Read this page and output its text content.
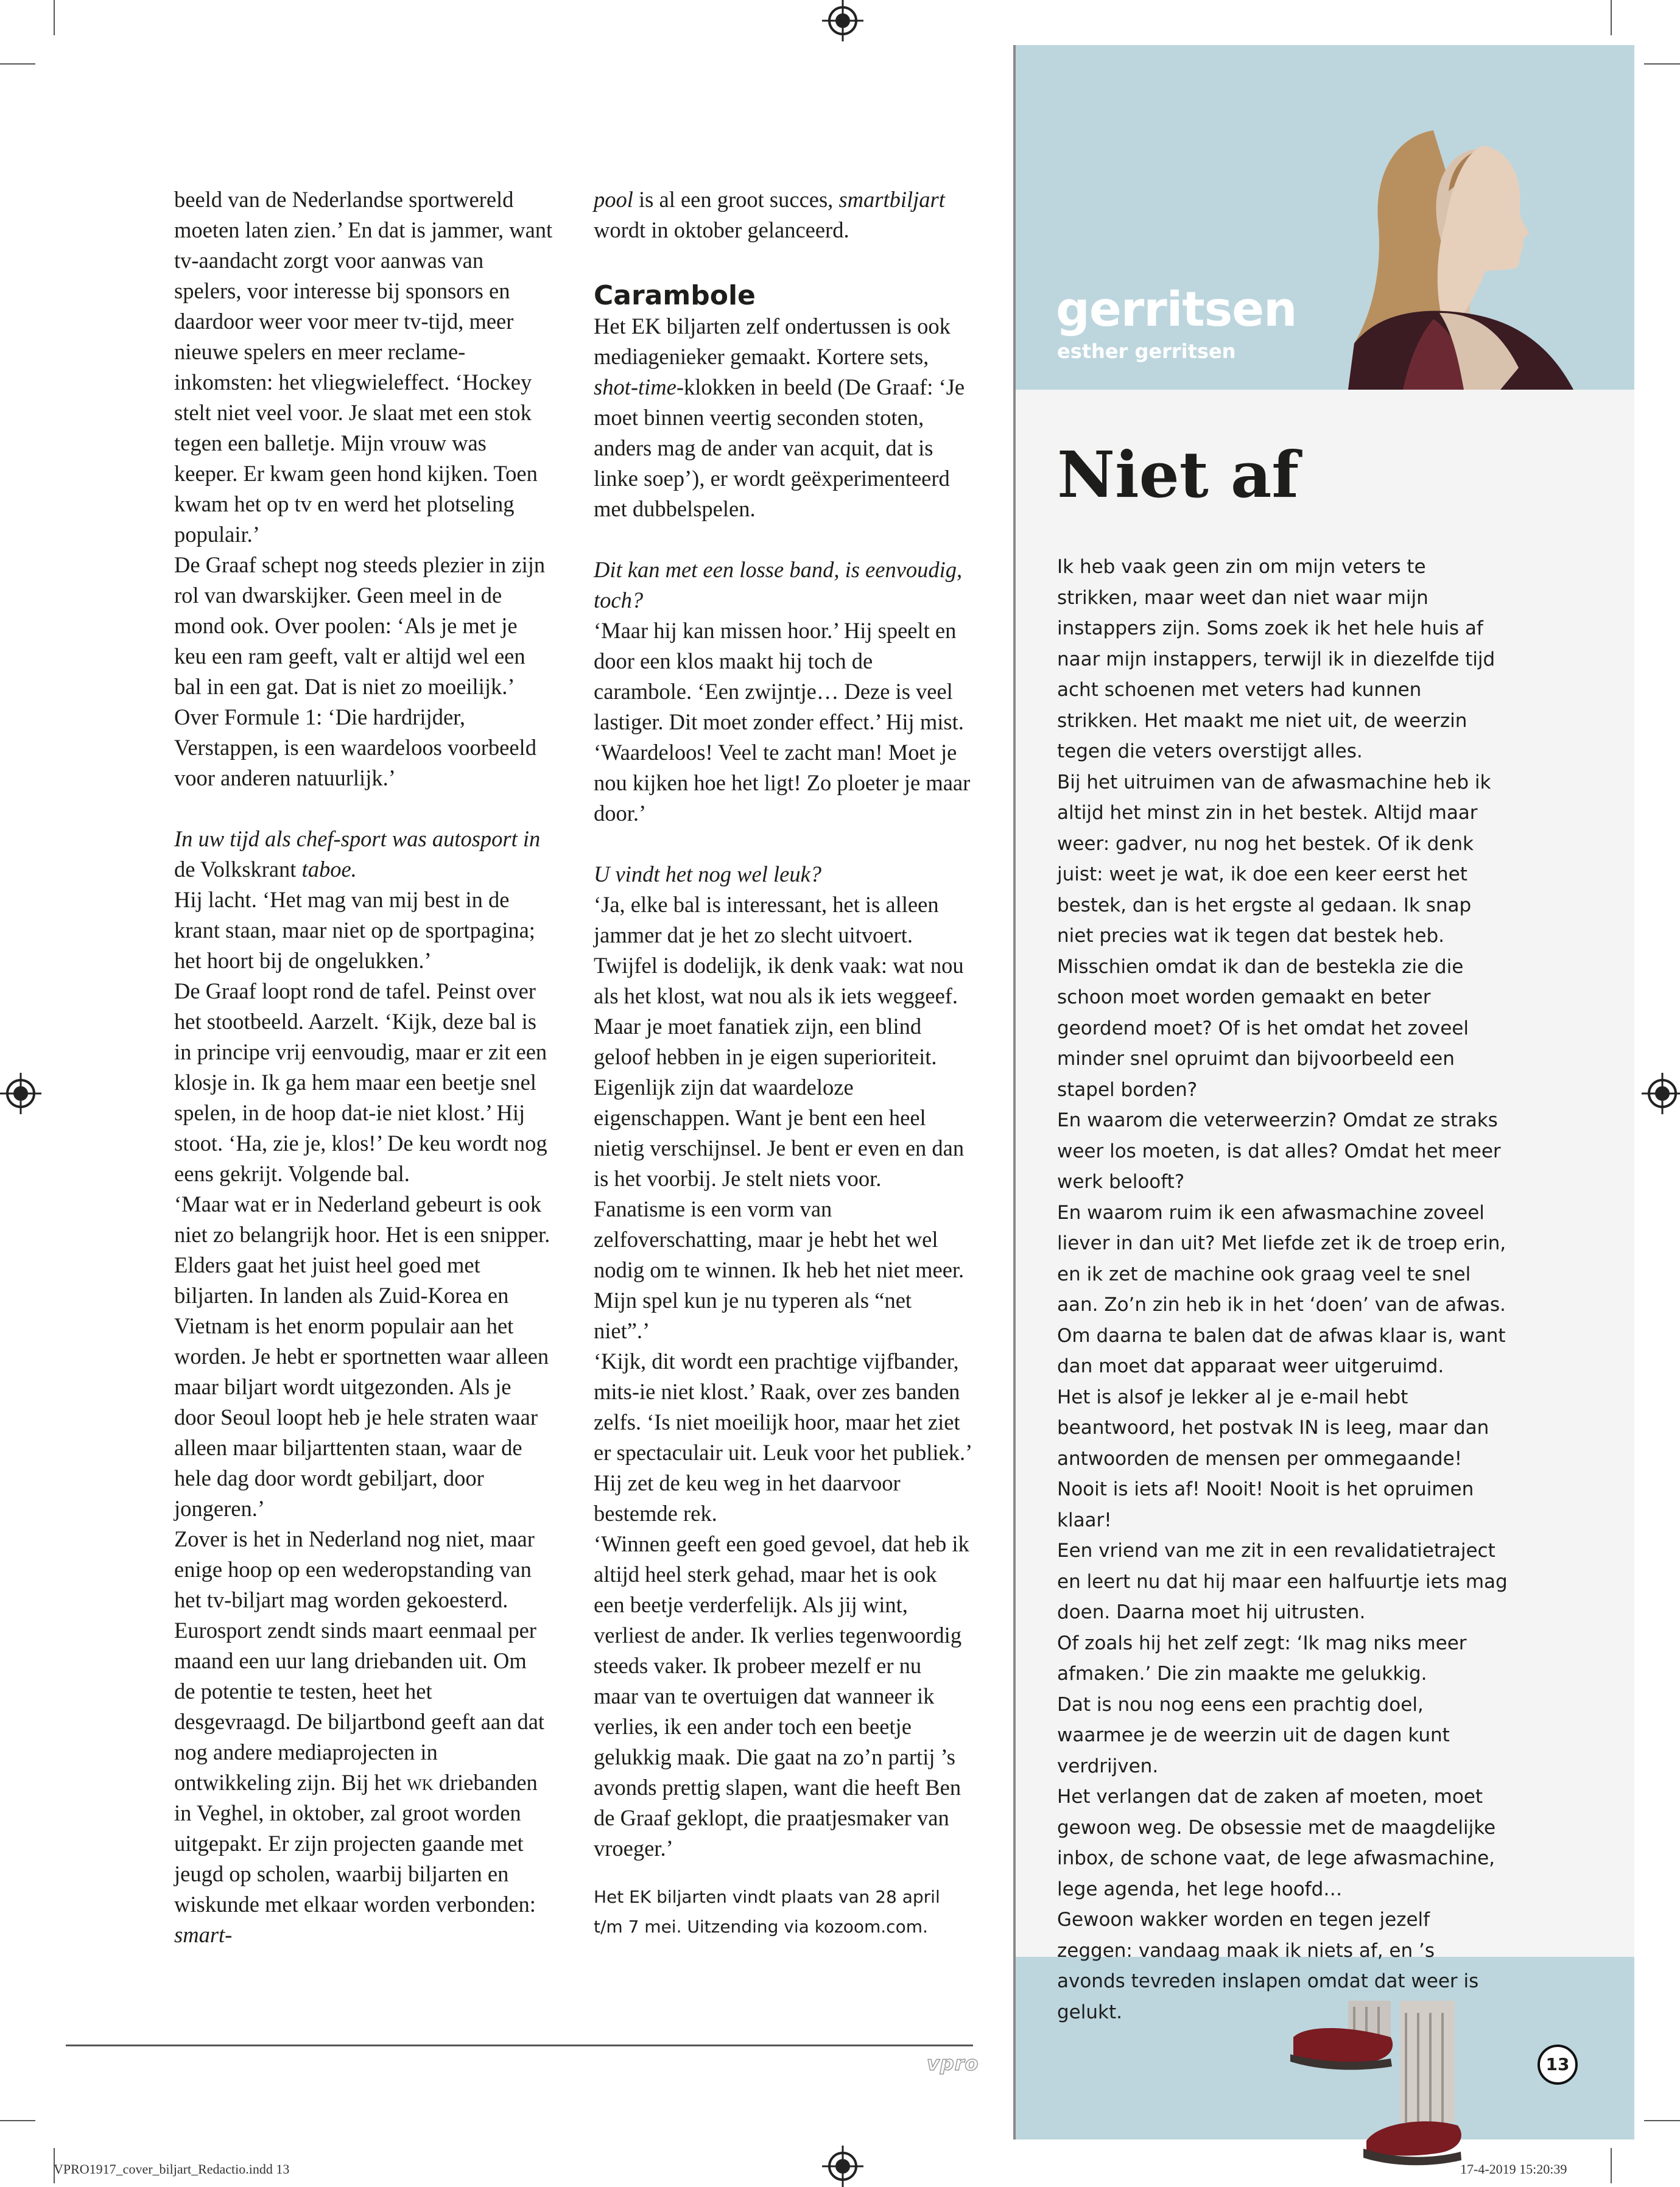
beeld van de Nederlandse sportwereld moeten laten zien.’ En dat is jammer, want tv-aandacht zorgt voor aanwas van spelers, voor interesse bij sponsors en daardoor weer voor meer tv-tijd, meer nieuwe spelers en meer reclame-inkomsten: het vliegwieleffect. ‘Hockey stelt niet veel voor. Je slaat met een stok tegen een balletje. Mijn vrouw was keeper. Er kwam geen hond kijken. Toen kwam het op tv en werd het plotseling populair.’

De Graaf schept nog steeds plezier in zijn rol van dwarskijker. Geen meel in de mond ook. Over poolen: ‘Als je met je keu een ram geeft, valt er altijd wel een bal in een gat. Dat is niet zo moeilijk.’ Over Formule 1: ‘Die hardrijder, Verstappen, is een waardeloos voorbeeld voor anderen natuurlijk.’

In uw tijd als chef-sport was autosport in de Volkskrant taboe.

Hij lacht. ‘Het mag van mij best in de krant staan, maar niet op de sportpagina; het hoort bij de ongelukken.’

De Graaf loopt rond de tafel. Peinst over het stootbeeld. Aarzelt. ‘Kijk, deze bal is in principe vrij eenvoudig, maar er zit een klosje in. Ik ga hem maar een beetje snel spelen, in de hoop dat-ie niet klost.’ Hij stoot. ‘Ha, zie je, klos!’ De keu wordt nog eens gekrijt. Volgende bal.

‘Maar wat er in Nederland gebeurt is ook niet zo belangrijk hoor. Het is een snipper. Elders gaat het juist heel goed met biljarten. In landen als Zuid-Korea en Vietnam is het enorm populair aan het worden. Je hebt er sportnetten waar alleen maar biljart wordt uitgezonden. Als je door Seoul loopt heb je hele straten waar alleen maar biljarttenten staan, waar de hele dag door wordt gebiljart, door jongeren.’

Zover is het in Nederland nog niet, maar enige hoop op een wederopstanding van het tv-biljart mag worden gekoesterd. Eurosport zendt sinds maart eenmaal per maand een uur lang driebanden uit. Om de potentie te testen, heet het desgevraagd. De biljartbond geeft aan dat nog andere mediaprojecten in ontwikkeling zijn. Bij het wk driebanden in Veghel, in oktober, zal groot worden uitgepakt. Er zijn projecten gaande met jeugd op scholen, waarbij biljarten en wiskunde met elkaar worden verbonden: smart-

pool is al een groot succes, smartbiljart wordt in oktober gelanceerd.

Carambole

Het EK biljarten zelf ondertussen is ook mediagenieker gemaakt. Kortere sets, shot-time-klokken in beeld (De Graaf: ‘Je moet binnen veertig seconden stoten, anders mag de ander van acquit, dat is linke soep’), er wordt geëxperimenteerd met dubbelspelen.

Dit kan met een losse band, is eenvoudig, toch?

‘Maar hij kan missen hoor.’ Hij speelt en door een klos maakt hij toch de carambole. ‘Een zwijntje… Deze is veel lastiger. Dit moet zonder effect.’ Hij mist. ‘Waardeloos! Veel te zacht man! Moet je nou kijken hoe het ligt! Zo ploeter je maar door.’

U vindt het nog wel leuk?

‘Ja, elke bal is interessant, het is alleen jammer dat je het zo slecht uitvoert. Twijfel is dodelijk, ik denk vaak: wat nou als het klost, wat nou als ik iets weggeef. Maar je moet fanatiek zijn, een blind geloof hebben in je eigen superioriteit. Eigenlijk zijn dat waardeloze eigenschappen. Want je bent een heel nietig verschijnsel. Je bent er even en dan is het voorbij. Je stelt niets voor. Fanatisme is een vorm van zelfoverschatting, maar je hebt het wel nodig om te winnen. Ik heb het niet meer. Mijn spel kun je nu typeren als “net niet”.’

‘Kijk, dit wordt een prachtige vijfbander, mits-ie niet klost.’ Raak, over zes banden zelfs. ‘Is niet moeilijk hoor, maar het ziet er spectaculair uit. Leuk voor het publiek.’ Hij zet de keu weg in het daarvoor bestemde rek.

‘Winnen geeft een goed gevoel, dat heb ik altijd heel sterk gehad, maar het is ook een beetje verderfelijk. Als jij wint, verliest de ander. Ik verlies tegenwoordig steeds vaker. Ik probeer mezelf er nu maar van te overtuigen dat wanneer ik verlies, ik een ander toch een beetje gelukkig maak. Die gaat na zo’n partij ’s avonds prettig slapen, want die heeft Ben de Graaf geklopt, die praatjesmaker van vroeger.’

Het EK biljarten vindt plaats van 28 april t/m 7 mei. Uitzending via kozoom.com.

gerritsen
esther gerritsen
Niet af

Ik heb vaak geen zin om mijn veters te strikken, maar weet dan niet waar mijn instappers zijn. Soms zoek ik het hele huis af naar mijn instappers, terwijl ik in diezelfde tijd acht schoenen met veters had kunnen strikken. Het maakt me niet uit, de weerzin tegen die veters overstijgt alles.

Bij het uitruimen van de afwasmachine heb ik altijd het minst zin in het bestek. Altijd maar weer: gadver, nu nog het bestek. Of ik denk juist: weet je wat, ik doe een keer eerst het bestek, dan is het ergste al gedaan. Ik snap niet precies wat ik tegen dat bestek heb. Misschien omdat ik dan de bestekla zie die schoon moet worden gemaakt en beter geordend moet? Of is het omdat het zoveel minder snel opruimt dan bijvoorbeeld een stapel borden?

En waarom die veterweerzin? Omdat ze straks weer los moeten, is dat alles? Omdat het meer werk belooft?

En waarom ruim ik een afwasmachine zoveel liever in dan uit? Met liefde zet ik de troep erin, en ik zet de machine ook graag veel te snel aan. Zo’n zin heb ik in het ‘doen’ van de afwas. Om daarna te balen dat de afwas klaar is, want dan moet dat apparaat weer uitgeruimd.

Het is alsof je lekker al je e-mail hebt beantwoord, het postvak IN is leeg, maar dan antwoorden de mensen per ommegaande! Nooit is iets af! Nooit! Nooit is het opruimen klaar!

Een vriend van me zit in een revalidatietraject en leert nu dat hij maar een halfuurtje iets mag doen. Daarna moet hij uitrusten.

Of zoals hij het zelf zegt: ‘Ik mag niks meer afmaken.’ Die zin maakte me gelukkig.

Dat is nou nog eens een prachtig doel, waarmee je de weerzin uit de dagen kunt verdrijven.

Het verlangen dat de zaken af moeten, moet gewoon weg. De obsessie met de maagdelijke inbox, de schone vaat, de lege afwasmachine, lege agenda, het lege hoofd…

Gewoon wakker worden en tegen jezelf zeggen: vandaag maak ik niets af, en ’s avonds tevreden inslapen omdat dat weer is gelukt.

vpro	13
VPRO1917_cover_biljart_Redactio.indd 13	17-4-2019 15:20:39
